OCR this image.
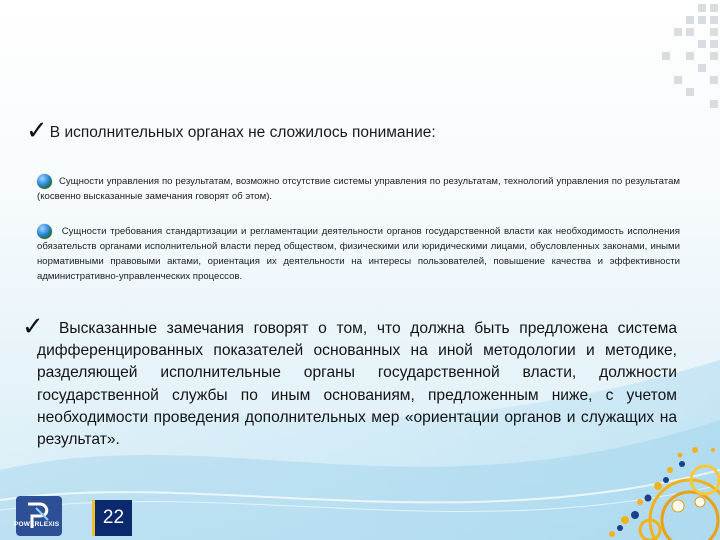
✓ В исполнительных органах не сложилось понимание:
Сущности управления по результатам, возможно отсутствие системы управления по результатам, технологий управления по результатам (косвенно высказанные замечания говорят об этом).
Сущности требования стандартизации и регламентации деятельности органов государственной власти как необходимость исполнения обязательств органами исполнительной власти перед обществом, физическими или юридическими лицами, обусловленных законами, иными нормативными правовыми актами, ориентация их деятельности на интересы пользователей, повышение качества и эффективности административно-управленческих процессов.
✓ Высказанные замечания говорят о том, что должна быть предложена система дифференцированных показателей основанных на иной методологии и методике, разделяющей исполнительные органы государственной власти, должности государственной службы по иным основаниям, предложенным ниже, с учетом необходимости проведения дополнительных мер «ориентации органов и служащих на результат».
POWERLEXIS	22
